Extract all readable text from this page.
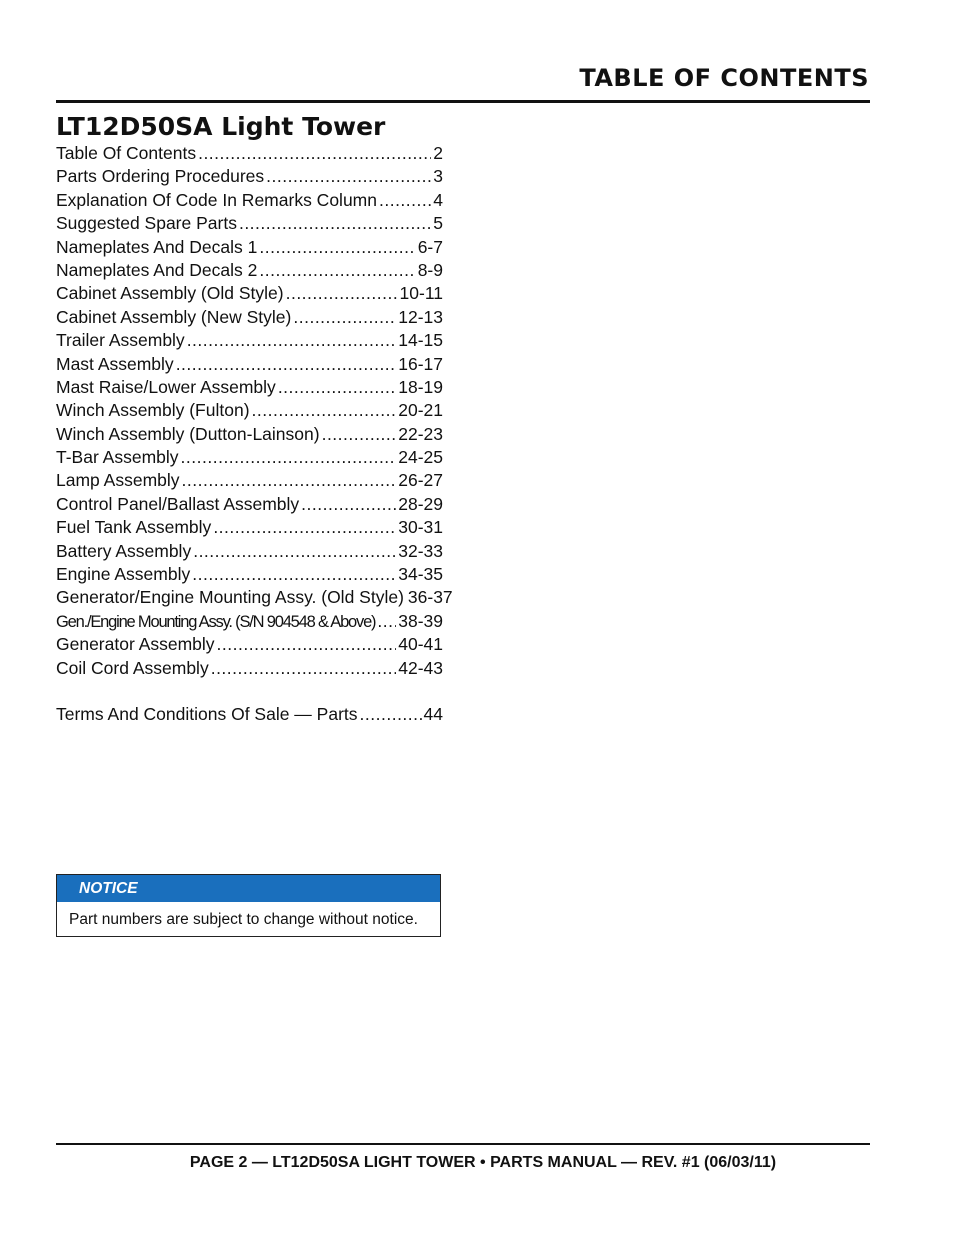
TABLE OF CONTENTS
LT12D50SA Light Tower
Table Of Contents .....	2
Parts Ordering Procedures .....	3
Explanation Of Code In Remarks Column .....	4
Suggested Spare Parts .....	5
Nameplates And Decals 1 .....	6-7
Nameplates And Decals 2 .....	8-9
Cabinet Assembly (Old Style) .....	10-11
Cabinet Assembly (New Style) .....	12-13
Trailer Assembly .....	14-15
Mast Assembly .....	16-17
Mast Raise/Lower Assembly .....	18-19
Winch Assembly (Fulton) .....	20-21
Winch Assembly (Dutton-Lainson) .....	22-23
T-Bar Assembly .....	24-25
Lamp Assembly .....	26-27
Control Panel/Ballast Assembly .....	28-29
Fuel Tank Assembly .....	30-31
Battery Assembly .....	32-33
Engine Assembly .....	34-35
Generator/Engine Mounting Assy. (Old Style) 36-37
Gen./Engine Mounting Assy. (S/N 904548 & Above) ..... 38-39
Generator Assembly .....	40-41
Coil Cord Assembly .....	42-43
Terms And Conditions Of Sale — Parts .....	44
NOTICE
Part numbers are subject to change without notice.
PAGE 2 — LT12D50SA LIGHT TOWER • PARTS MANUAL — REV. #1 (06/03/11)
